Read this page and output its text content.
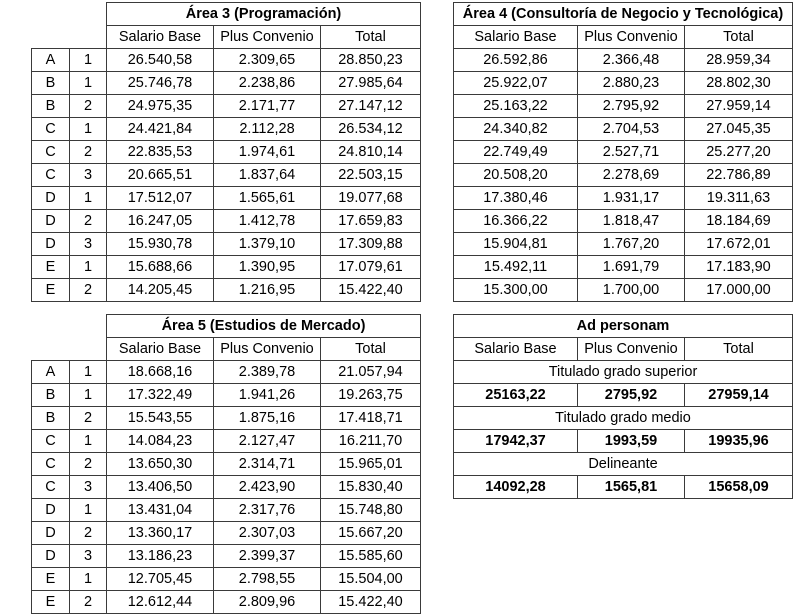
		Área 3 (Programación)		
		Salario Base	Plus Convenio	Total
A	1	26.540,58	2.309,65	28.850,23
B	1	25.746,78	2.238,86	27.985,64
B	2	24.975,35	2.171,77	27.147,12
C	1	24.421,84	2.112,28	26.534,12
C	2	22.835,53	1.974,61	24.810,14
C	3	20.665,51	1.837,64	22.503,15
D	1	17.512,07	1.565,61	19.077,68
D	2	16.247,05	1.412,78	17.659,83
D	3	15.930,78	1.379,10	17.309,88
E	1	15.688,66	1.390,95	17.079,61
E	2	14.205,45	1.216,95	15.422,40
Área 4 (Consultoría de Negocio y Tecnológica)		
Salario Base	Plus Convenio	Total
26.592,86	2.366,48	28.959,34
25.922,07	2.880,23	28.802,30
25.163,22	2.795,92	27.959,14
24.340,82	2.704,53	27.045,35
22.749,49	2.527,71	25.277,20
20.508,20	2.278,69	22.786,89
17.380,46	1.931,17	19.311,63
16.366,22	1.818,47	18.184,69
15.904,81	1.767,20	17.672,01
15.492,11	1.691,79	17.183,90
15.300,00	1.700,00	17.000,00
		Área 5 (Estudios de Mercado)		
		Salario Base	Plus Convenio	Total
A	1	18.668,16	2.389,78	21.057,94
B	1	17.322,49	1.941,26	19.263,75
B	2	15.543,55	1.875,16	17.418,71
C	1	14.084,23	2.127,47	16.211,70
C	2	13.650,30	2.314,71	15.965,01
C	3	13.406,50	2.423,90	15.830,40
D	1	13.431,04	2.317,76	15.748,80
D	2	13.360,17	2.307,03	15.667,20
D	3	13.186,23	2.399,37	15.585,60
E	1	12.705,45	2.798,55	15.504,00
E	2	12.612,44	2.809,96	15.422,40
Ad personam		
Salario Base	Plus Convenio	Total
Titulado grado superior		
25163,22	2795,92	27959,14
Titulado grado medio		
17942,37	1993,59	19935,96
Delineante		
14092,28	1565,81	15658,09
